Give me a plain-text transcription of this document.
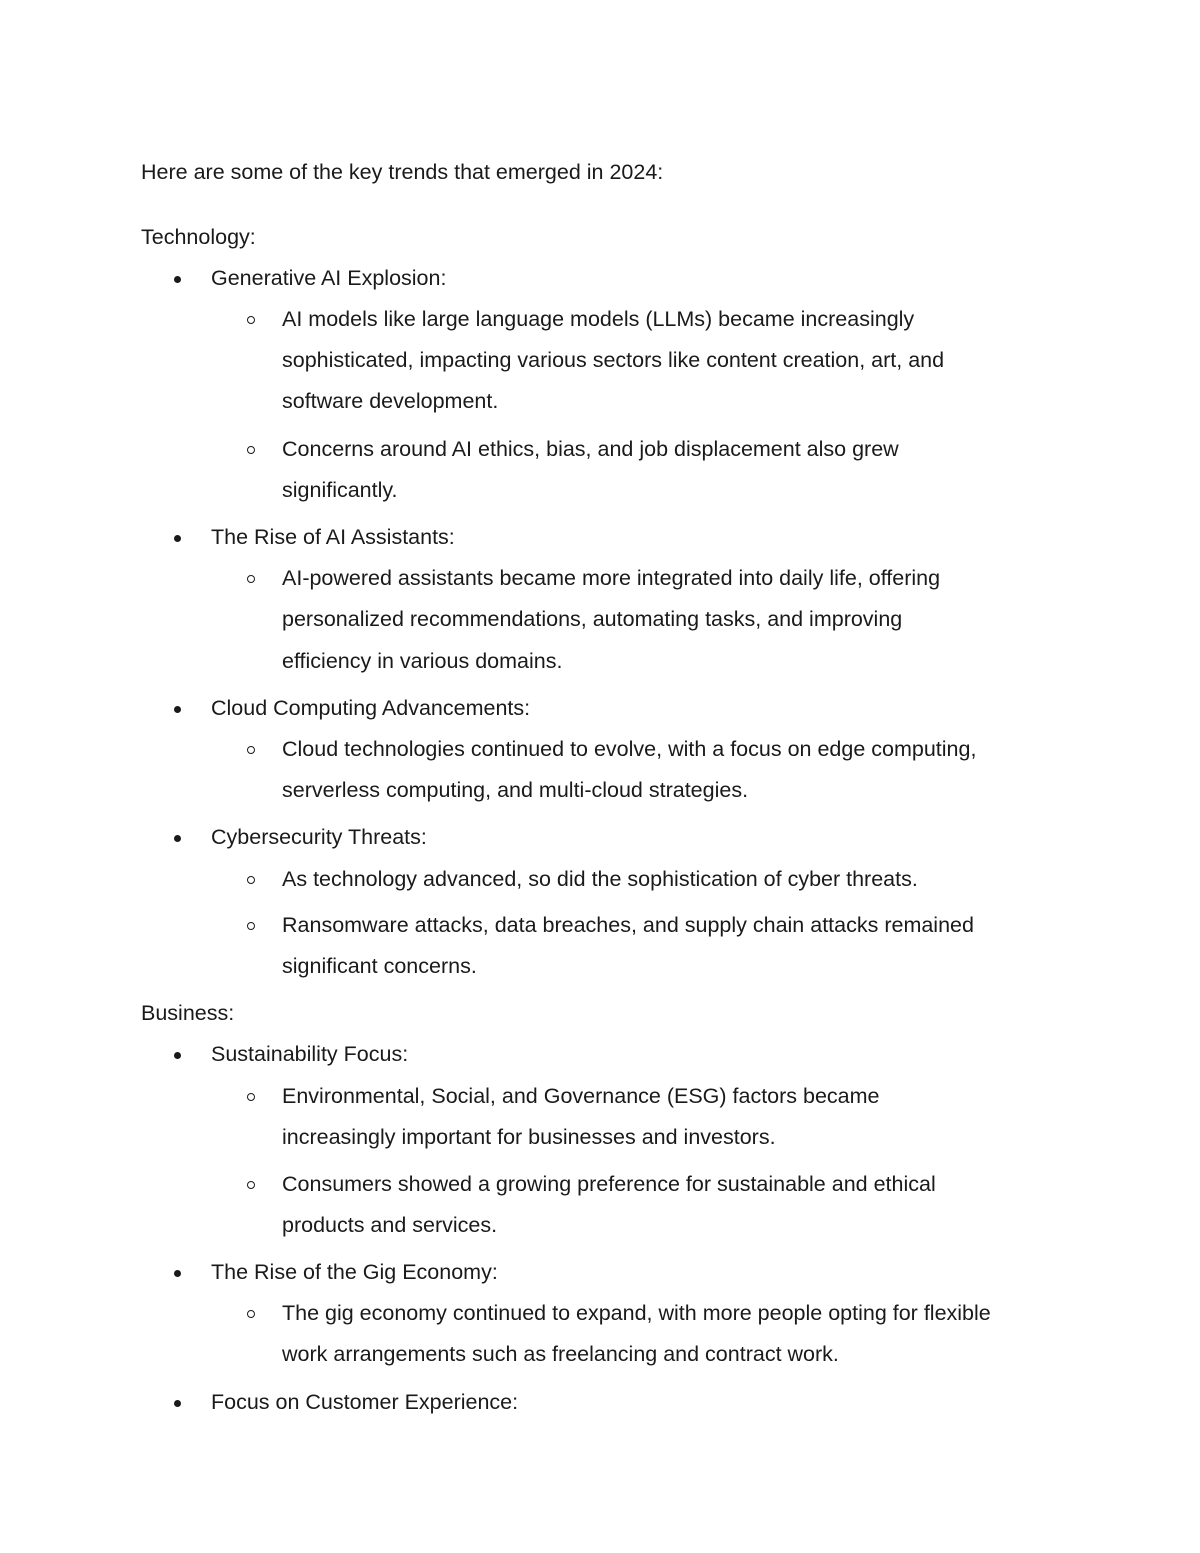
Here are some of the key trends that emerged in 2024:
Technology:
Generative AI Explosion:
AI models like large language models (LLMs) became increasingly
sophisticated, impacting various sectors like content creation, art, and
software development.
Concerns around AI ethics, bias, and job displacement also grew
significantly.
The Rise of AI Assistants:
AI-powered assistants became more integrated into daily life, offering
personalized recommendations, automating tasks, and improving
efficiency in various domains.
Cloud Computing Advancements:
Cloud technologies continued to evolve, with a focus on edge computing,
serverless computing, and multi-cloud strategies.
Cybersecurity Threats:
As technology advanced, so did the sophistication of cyber threats.
Ransomware attacks, data breaches, and supply chain attacks remained
significant concerns.
Business:
Sustainability Focus:
Environmental, Social, and Governance (ESG) factors became
increasingly important for businesses and investors.
Consumers showed a growing preference for sustainable and ethical
products and services.
The Rise of the Gig Economy:
The gig economy continued to expand, with more people opting for flexible
work arrangements such as freelancing and contract work.
Focus on Customer Experience:
